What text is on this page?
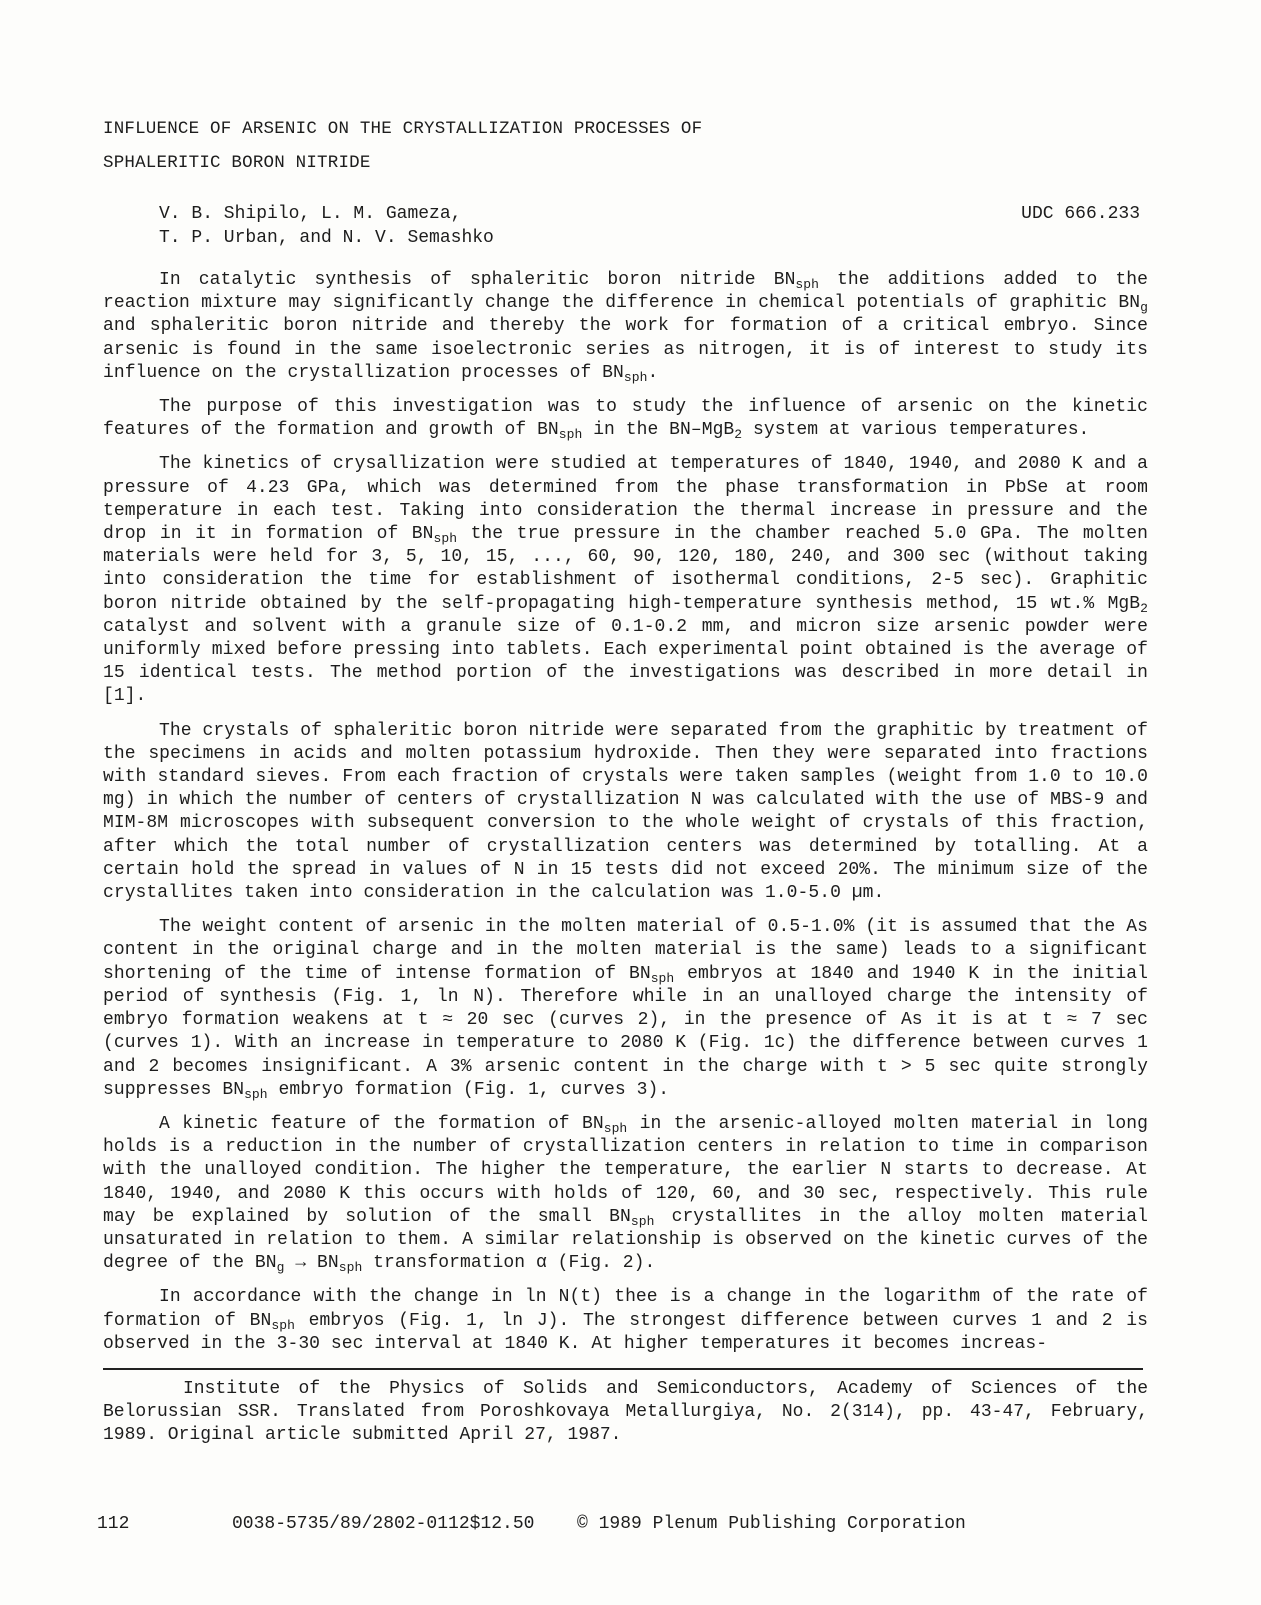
INFLUENCE OF ARSENIC ON THE CRYSTALLIZATION PROCESSES OF
SPHALERITIC BORON NITRIDE
V. B. Shipilo, L. M. Gameza,
T. P. Urban, and N. V. Semashko
UDC 666.233

In catalytic synthesis of sphaleritic boron nitride $BN_{sph}$ the additions added to the reaction mixture may significantly change the difference in chemical potentials of graphitic $BN_g$ and sphaleritic boron nitride and thereby the work for formation of a critical embryo. Since arsenic is found in the same isoelectronic series as nitrogen, it is of interest to study its influence on the crystallization processes of $BN_{sph}$.

The purpose of this investigation was to study the influence of arsenic on the kinetic features of the formation and growth of $BN_{sph}$ in the BN–MgB$_2$ system at various temperatures.

The kinetics of crysallization were studied at temperatures of 1840, 1940, and 2080 K and a pressure of 4.23 GPa, which was determined from the phase transformation in PbSe at room temperature in each test. Taking into consideration the thermal increase in pressure and the drop in it in formation of $BN_{sph}$ the true pressure in the chamber reached 5.0 GPa. The molten materials were held for 3, 5, 10, 15, ..., 60, 90, 120, 180, 240, and 300 sec (without taking into consideration the time for establishment of isothermal conditions, 2-5 sec). Graphitic boron nitride obtained by the self-propagating high-temperature synthesis method, 15 wt.% MgB$_2$ catalyst and solvent with a granule size of 0.1-0.2 mm, and micron size arsenic powder were uniformly mixed before pressing into tablets. Each experimental point obtained is the average of 15 identical tests. The method portion of the investigations was described in more detail in [1].

The crystals of sphaleritic boron nitride were separated from the graphitic by treatment of the specimens in acids and molten potassium hydroxide. Then they were separated into fractions with standard sieves. From each fraction of crystals were taken samples (weight from 1.0 to 10.0 mg) in which the number of centers of crystallization N was calculated with the use of MBS-9 and MIM-8M microscopes with subsequent conversion to the whole weight of crystals of this fraction, after which the total number of crystallization centers was determined by totalling. At a certain hold the spread in values of N in 15 tests did not exceed 20%. The minimum size of the crystallites taken into consideration in the calculation was 1.0-5.0 µm.

The weight content of arsenic in the molten material of 0.5-1.0% (it is assumed that the As content in the original charge and in the molten material is the same) leads to a significant shortening of the time of intense formation of $BN_{sph}$ embryos at 1840 and 1940 K in the initial period of synthesis (Fig. 1, ln N). Therefore while in an unalloyed charge the intensity of embryo formation weakens at t ≈ 20 sec (curves 2), in the presence of As it is at t ≈ 7 sec (curves 1). With an increase in temperature to 2080 K (Fig. 1c) the difference between curves 1 and 2 becomes insignificant. A 3% arsenic content in the charge with t > 5 sec quite strongly suppresses $BN_{sph}$ embryo formation (Fig. 1, curves 3).

A kinetic feature of the formation of $BN_{sph}$ in the arsenic-alloyed molten material in long holds is a reduction in the number of crystallization centers in relation to time in comparison with the unalloyed condition. The higher the temperature, the earlier N starts to decrease. At 1840, 1940, and 2080 K this occurs with holds of 120, 60, and 30 sec, respectively. This rule may be explained by solution of the small $BN_{sph}$ crystallites in the alloy molten material unsaturated in relation to them. A similar relationship is observed on the kinetic curves of the degree of the $BN_g \to BN_{sph}$ transformation α (Fig. 2).

In accordance with the change in ln N(t) thee is a change in the logarithm of the rate of formation of $BN_{sph}$ embryos (Fig. 1, ln J). The strongest difference between curves 1 and 2 is observed in the 3-30 sec interval at 1840 K. At higher temperatures it becomes increas-

Institute of the Physics of Solids and Semiconductors, Academy of Sciences of the Belorussian SSR. Translated from Poroshkovaya Metallurgiya, No. 2(314), pp. 43-47, February, 1989. Original article submitted April 27, 1987.
112	0038-5735/89/2802-0112$12.50 © 1989 Plenum Publishing Corporation
